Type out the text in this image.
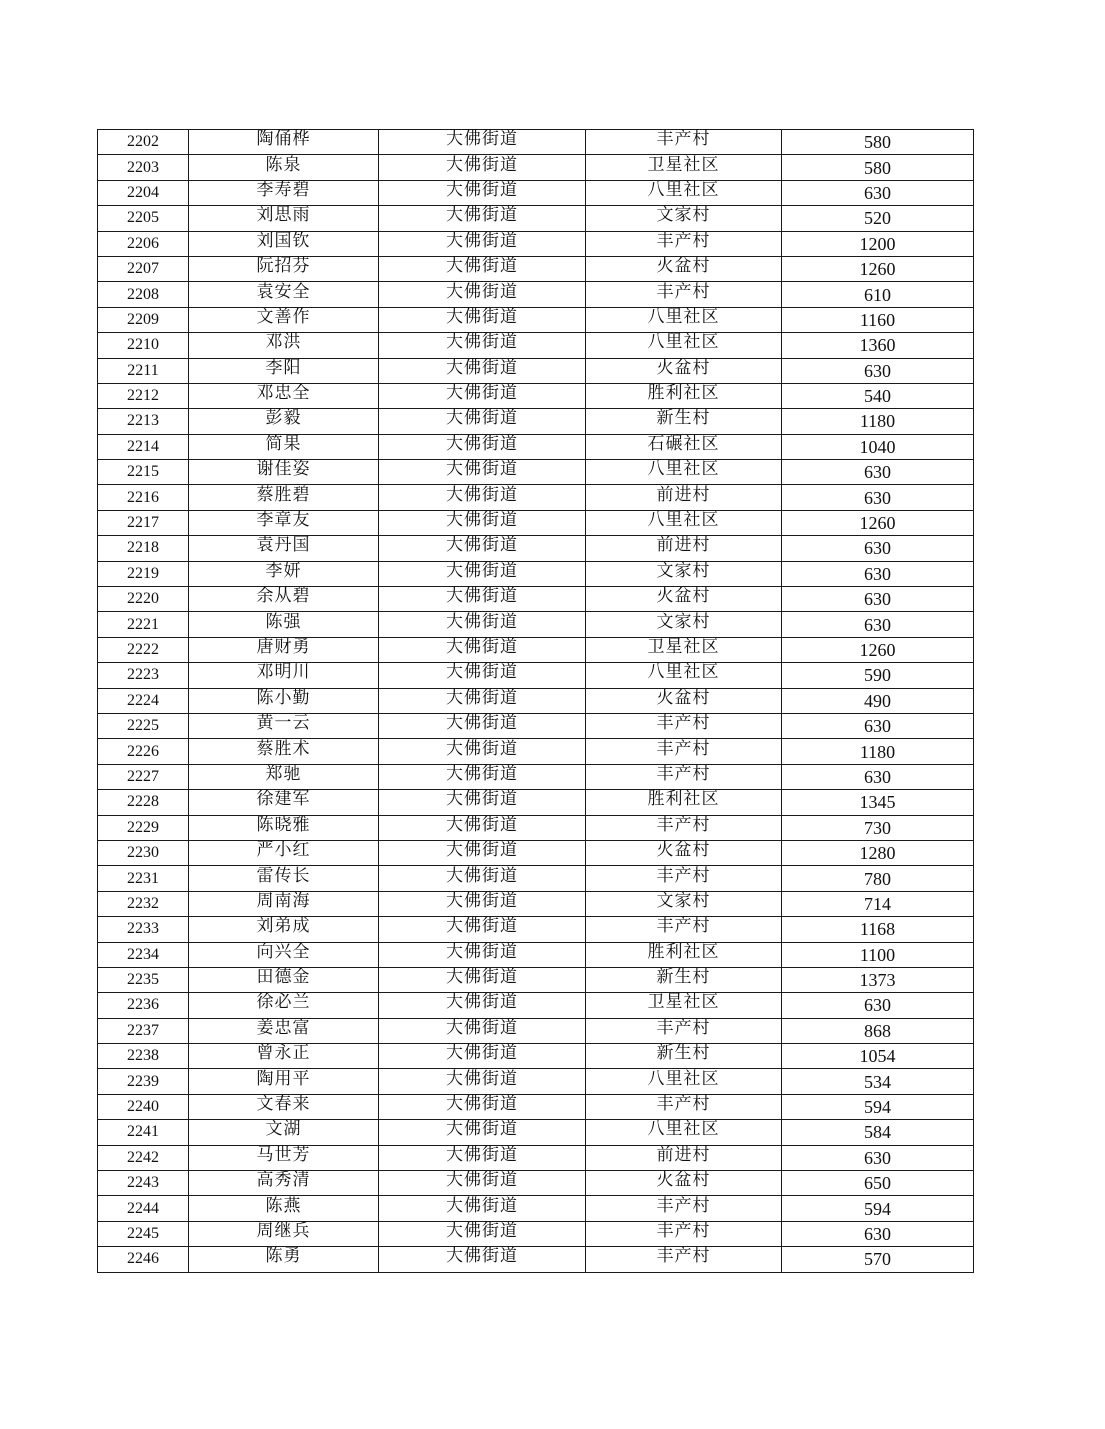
2202	陶俑桦	大佛街道	丰产村	580
2203	陈泉	大佛街道	卫星社区	580
2204	李寿碧	大佛街道	八里社区	630
2205	刘思雨	大佛街道	文家村	520
2206	刘国钦	大佛街道	丰产村	1200
2207	阮招芬	大佛街道	火盆村	1260
2208	袁安全	大佛街道	丰产村	610
2209	文善作	大佛街道	八里社区	1160
2210	邓洪	大佛街道	八里社区	1360
2211	李阳	大佛街道	火盆村	630
2212	邓忠全	大佛街道	胜利社区	540
2213	彭毅	大佛街道	新生村	1180
2214	简果	大佛街道	石碾社区	1040
2215	谢佳姿	大佛街道	八里社区	630
2216	蔡胜碧	大佛街道	前进村	630
2217	李章友	大佛街道	八里社区	1260
2218	袁丹国	大佛街道	前进村	630
2219	李妍	大佛街道	文家村	630
2220	余从碧	大佛街道	火盆村	630
2221	陈强	大佛街道	文家村	630
2222	唐财勇	大佛街道	卫星社区	1260
2223	邓明川	大佛街道	八里社区	590
2224	陈小勤	大佛街道	火盆村	490
2225	黄一云	大佛街道	丰产村	630
2226	蔡胜术	大佛街道	丰产村	1180
2227	郑驰	大佛街道	丰产村	630
2228	徐建军	大佛街道	胜利社区	1345
2229	陈晓雅	大佛街道	丰产村	730
2230	严小红	大佛街道	火盆村	1280
2231	雷传长	大佛街道	丰产村	780
2232	周南海	大佛街道	文家村	714
2233	刘弟成	大佛街道	丰产村	1168
2234	向兴全	大佛街道	胜利社区	1100
2235	田德金	大佛街道	新生村	1373
2236	徐必兰	大佛街道	卫星社区	630
2237	姜忠富	大佛街道	丰产村	868
2238	曾永正	大佛街道	新生村	1054
2239	陶用平	大佛街道	八里社区	534
2240	文春来	大佛街道	丰产村	594
2241	文湖	大佛街道	八里社区	584
2242	马世芳	大佛街道	前进村	630
2243	高秀清	大佛街道	火盆村	650
2244	陈燕	大佛街道	丰产村	594
2245	周继兵	大佛街道	丰产村	630
2246	陈勇	大佛街道	丰产村	570
